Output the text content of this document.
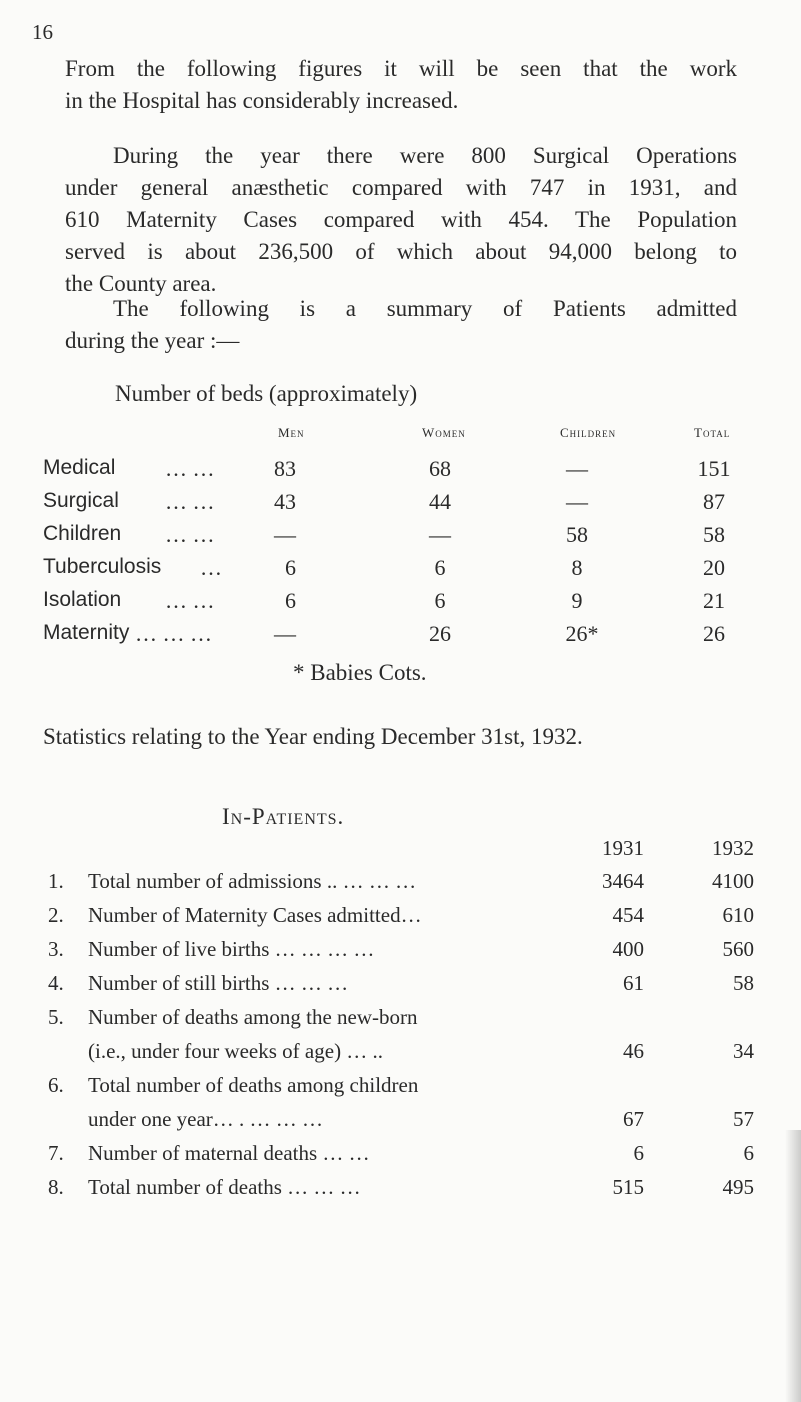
16
From the following figures it will be seen that the work
in the Hospital has considerably increased.
During the year there were 800 Surgical Operations
under general anæsthetic compared with 747 in 1931, and
610 Maternity Cases compared with 454. The Population
served is about 236,500 of which about 94,000 belong to
the County area.
The following is a summary of Patients admitted
during the year :—
Number of beds (approximately)
Men	Women	Children	Total
Medical … …	83	68	—	151
Surgical … …	43	44	—	87
Children … …	—	—	58	58
Tuberculosis …	6	6	8	20
Isolation … …	6	6	9	21
Maternity … … …	—	26	26*	26
* Babies Cots.
Statistics relating to the Year ending December 31st, 1932.
In-Patients.
1931	1932
1. Total number of admissions .. … … …	3464	4100
2. Number of Maternity Cases admitted…	454	610
3. Number of live births … … … …	400	560
4. Number of still births … … …	61	58
5. Number of deaths among the new-born
(i.e., under four weeks of age) … ..	46	34
6. Total number of deaths among children
under one year… . … … …	67	57
7. Number of maternal deaths … …	6	6
8. Total number of deaths … … …	515	495
